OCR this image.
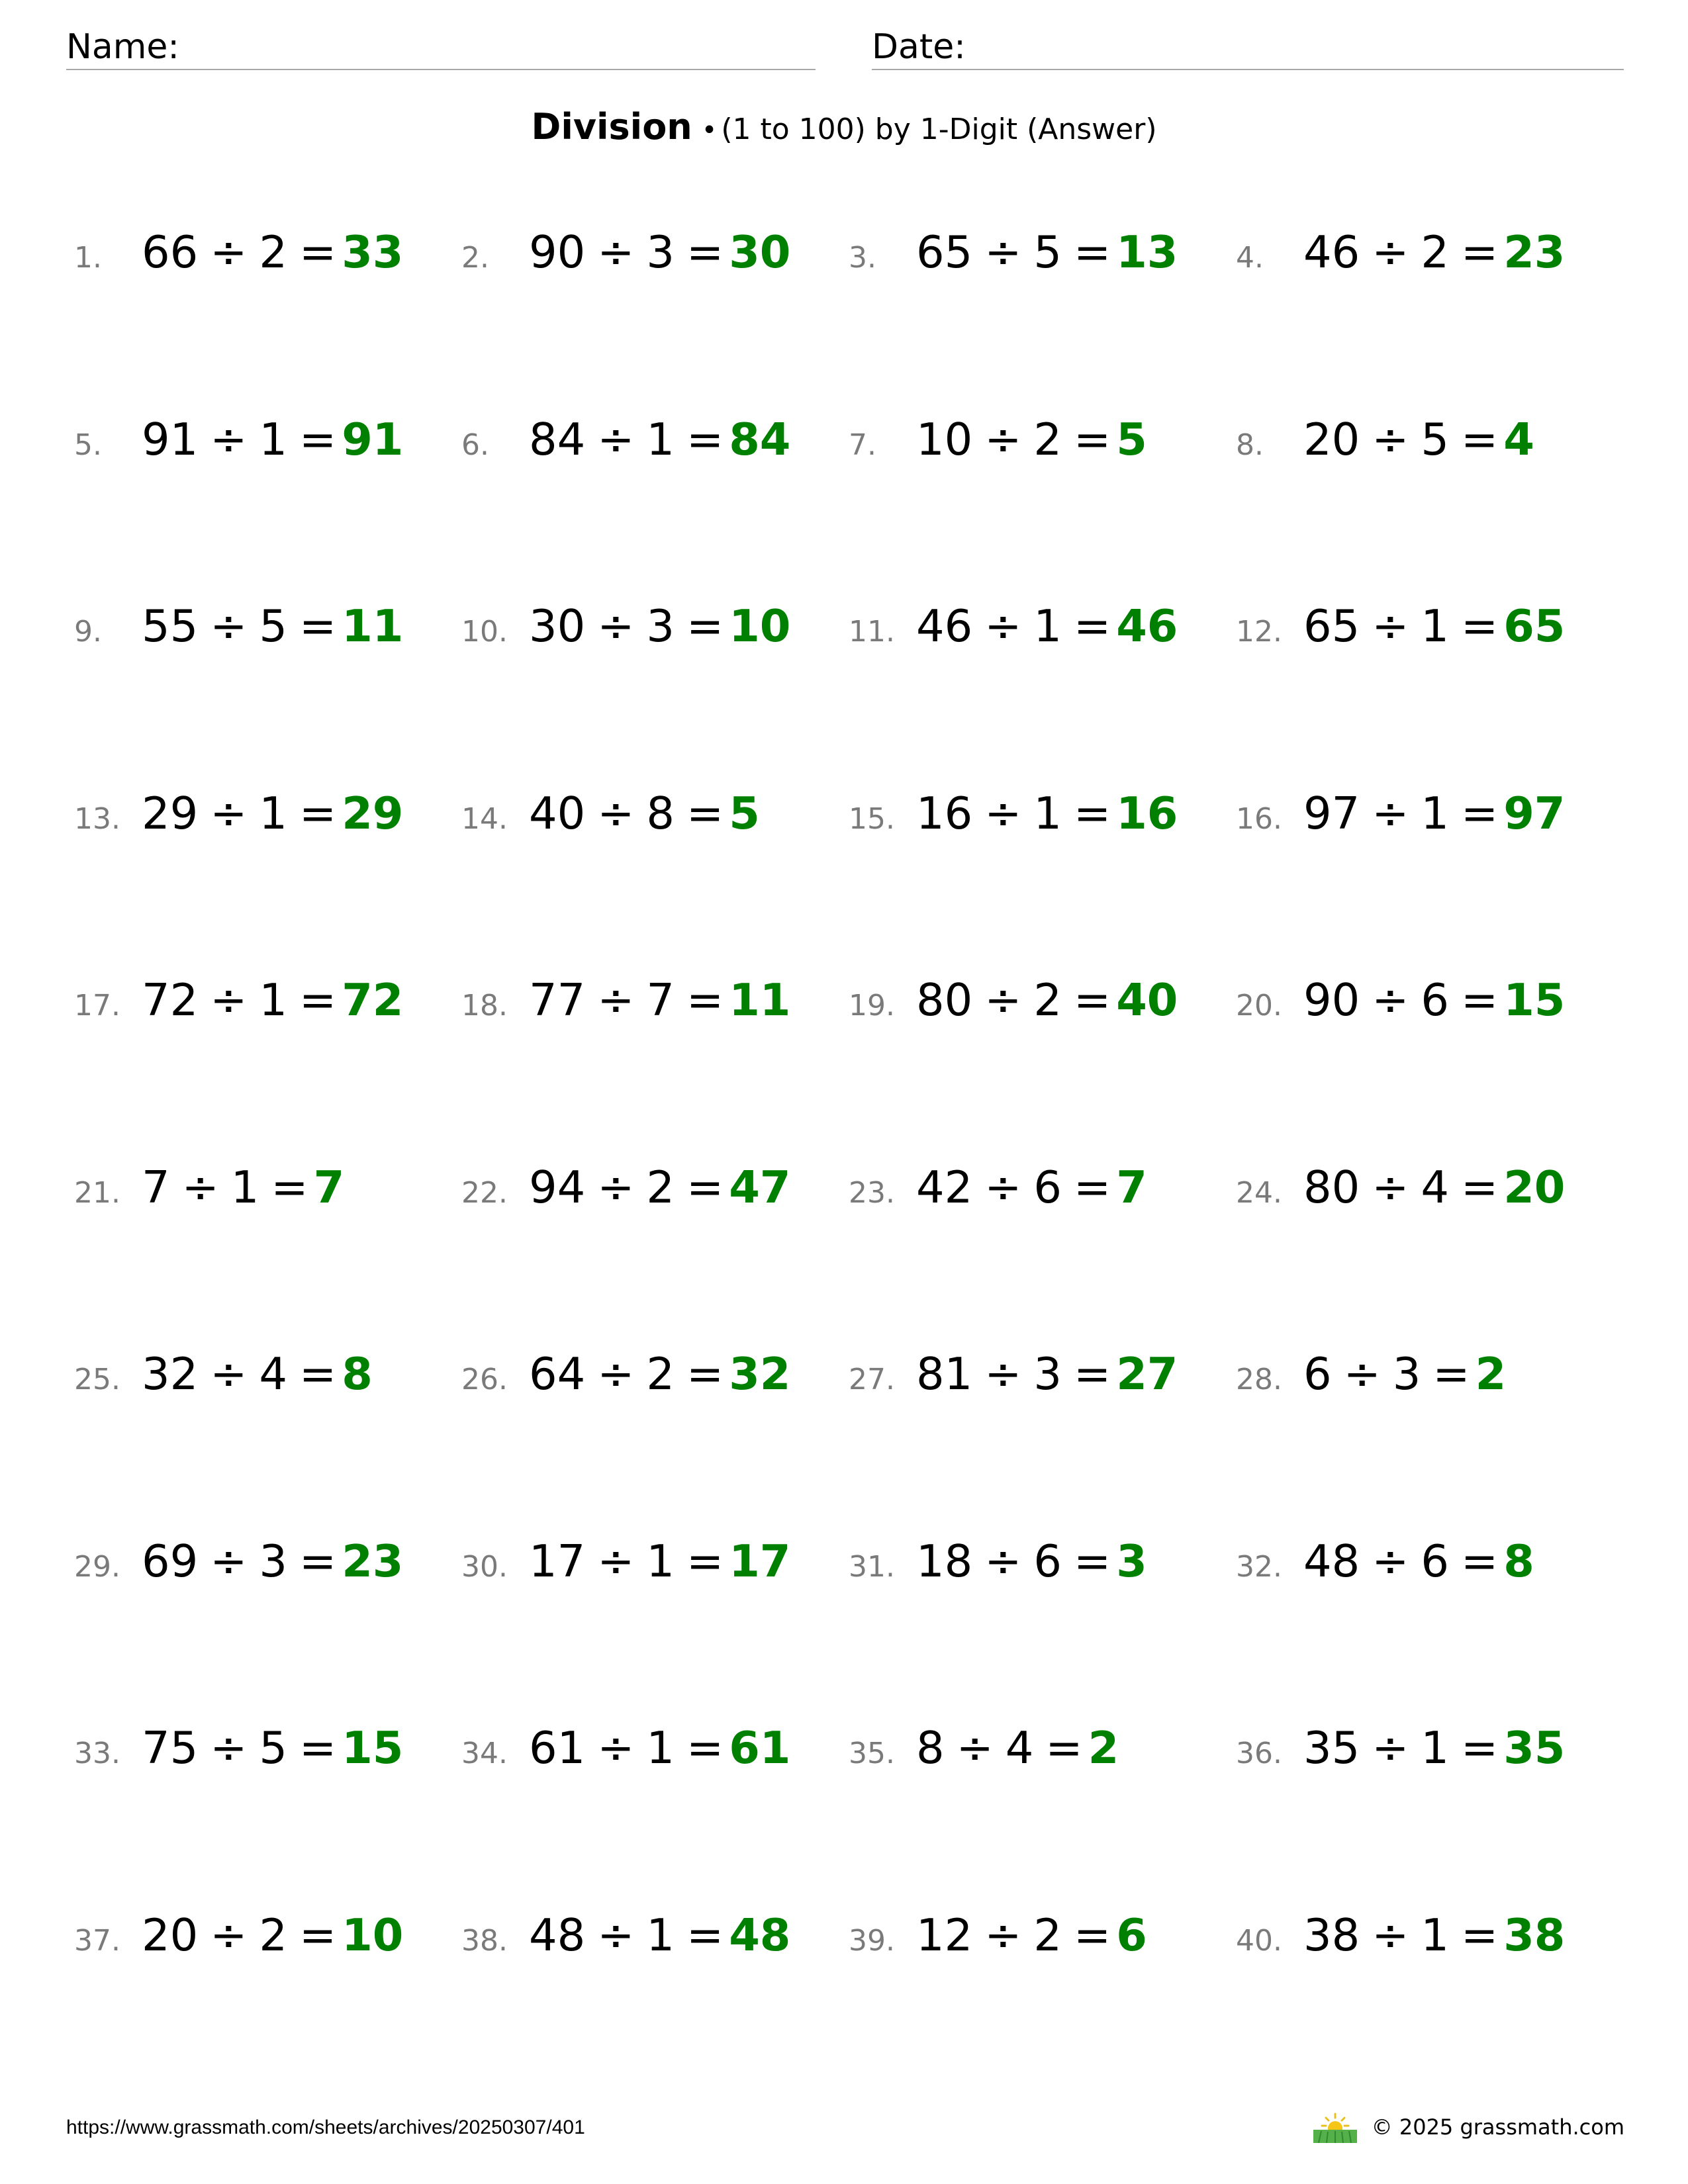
Name:	Date:
Division • (1 to 100) by 1-Digit (Answer)
1. 66 ÷ 2 = 33 2. 90 ÷ 3 = 30 3. 65 ÷ 5 = 13 4. 46 ÷ 2 = 23
5. 91 ÷ 1 = 91 6. 84 ÷ 1 = 84 7. 10 ÷ 2 = 5	8. 20 ÷ 5 = 4
9. 55 ÷ 5 = 11 10. 30 ÷ 3 = 10 11. 46 ÷ 1 = 46 12. 65 ÷ 1 = 65
13. 29 ÷ 1 = 29 14. 40 ÷ 8 = 5	15. 16 ÷ 1 = 16 16. 97 ÷ 1 = 97
17. 72 ÷ 1 = 72 18. 77 ÷ 7 = 11 19. 80 ÷ 2 = 40 20. 90 ÷ 6 = 15
21. 7 ÷ 1 = 7	22. 94 ÷ 2 = 47 23. 42 ÷ 6 = 7	24. 80 ÷ 4 = 20
25. 32 ÷ 4 = 8	26. 64 ÷ 2 = 32 27. 81 ÷ 3 = 27 28. 6 ÷ 3 = 2
29. 69 ÷ 3 = 23 30. 17 ÷ 1 = 17 31. 18 ÷ 6 = 3	32. 48 ÷ 6 = 8
33. 75 ÷ 5 = 15 34. 61 ÷ 1 = 61 35. 8 ÷ 4 = 2	36. 35 ÷ 1 = 35
37. 20 ÷ 2 = 10 38. 48 ÷ 1 = 48 39. 12 ÷ 2 = 6	40. 38 ÷ 1 = 38
https://www.grassmath.com/sheets/archives/20250307/401	© 2025 grassmath.com
